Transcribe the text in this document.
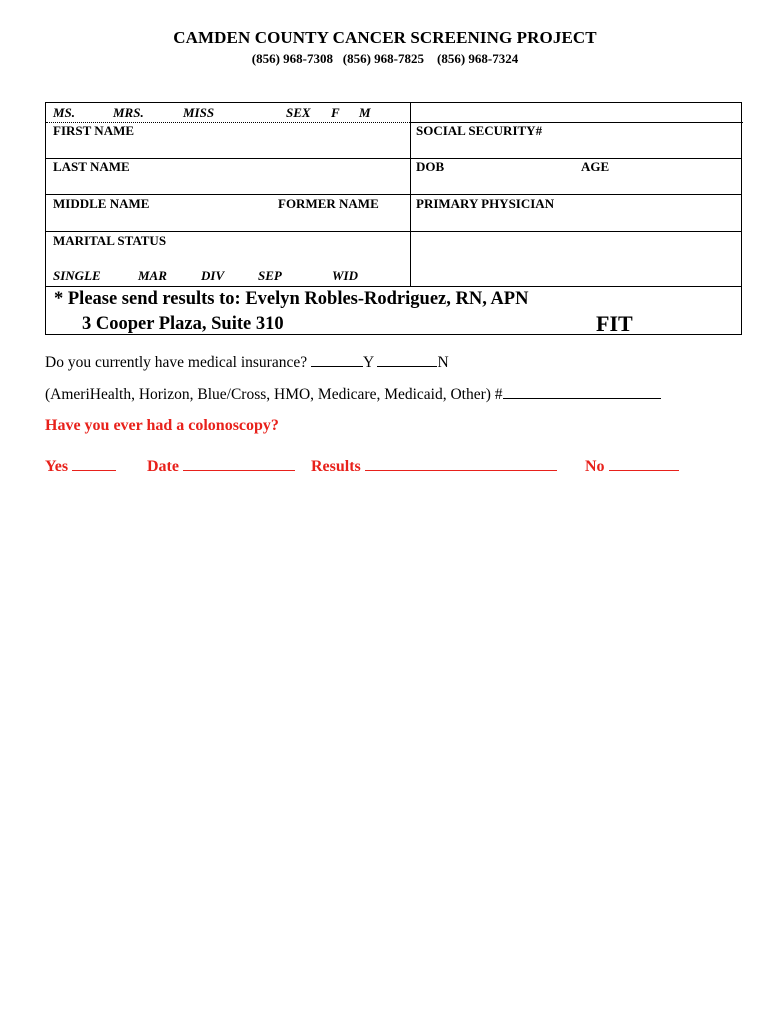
CAMDEN COUNTY CANCER SCREENING PROJECT
(856) 968-7308   (856) 968-7825    (856) 968-7324
MS.	MRS.	MISS	SEX F M
FIRST NAME	SOCIAL SECURITY#
LAST NAME	DOB	AGE
MIDDLE NAME	FORMER NAME	PRIMARY PHYSICIAN
MARITAL STATUS
SINGLE	MAR	DIV	SEP	WID
* Please send results to: Evelyn Robles-Rodriguez, RN, APN
3 Cooper Plaza, Suite 310	FIT
Do you currently have medical insurance?	Y	N
(AmeriHealth, Horizon, Blue/Cross, HMO, Medicare, Medicaid, Other) #
Have you ever had a colonoscopy?
Yes	Date	Results	No
